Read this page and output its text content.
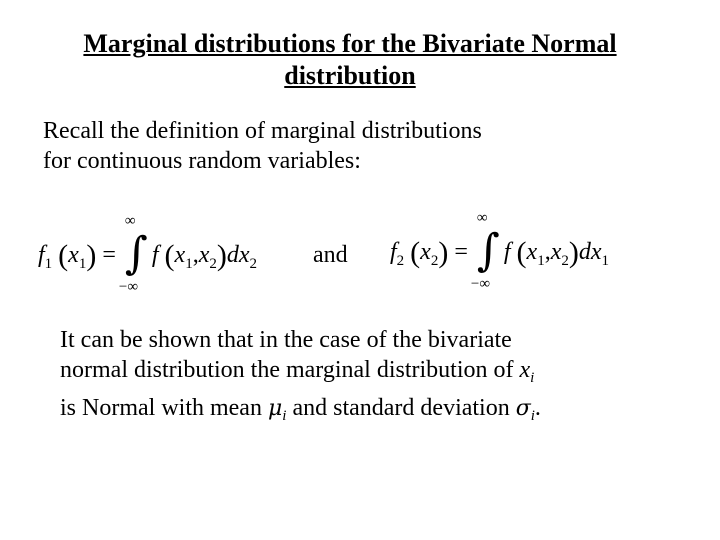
Marginal distributions for the Bivariate Normal
distribution
Recall the definition of marginal distributions
for continuous random variables:
$f_1$ $(x_1)$ =
∞
∫
−∞
f $(x_1,x_2)dx_2$ and $f_2$ $(x_2)$ =
∞
∫
−∞
f $(x_1,x_2)dx_1$
It can be shown that in the case of the bivariate
normal distribution the marginal distribution of $x_i$
is Normal with mean $\mu_i$ and standard deviation $\sigma_i$.
